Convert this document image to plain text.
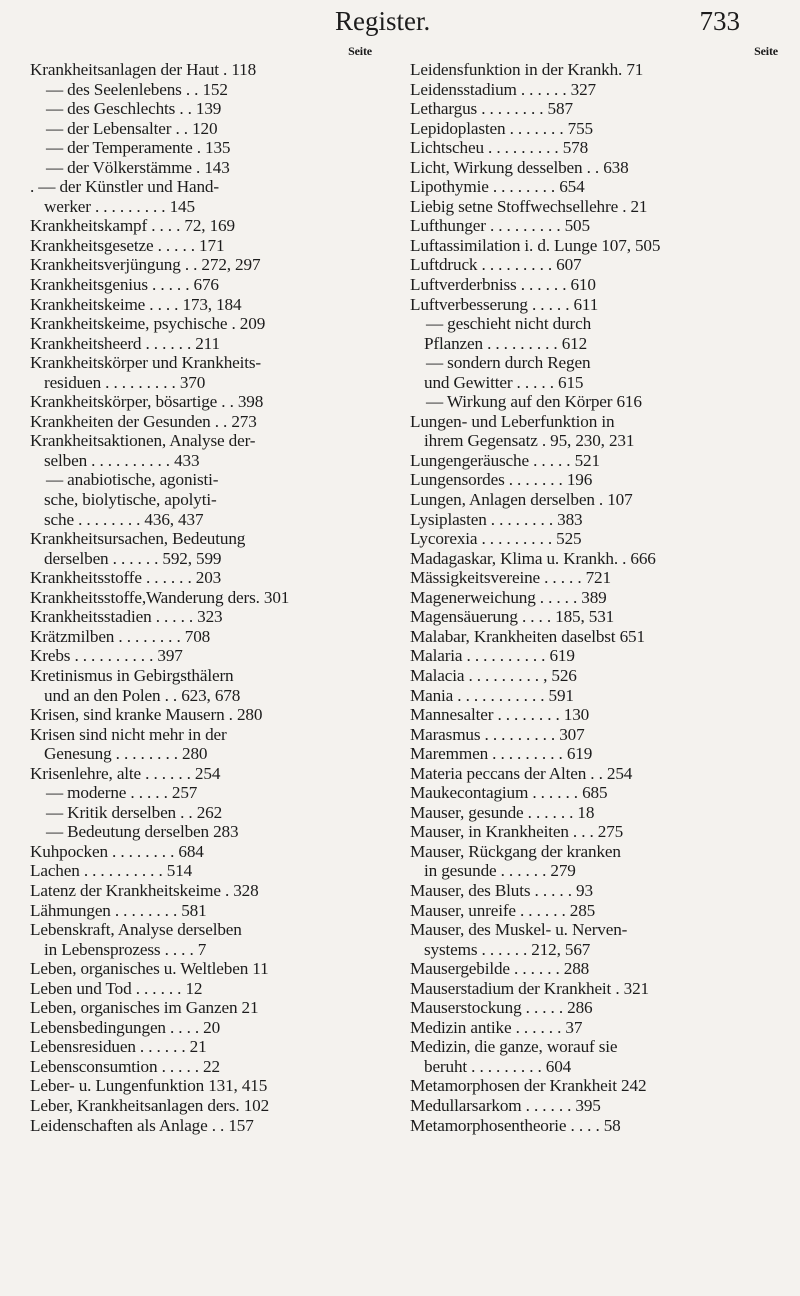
Register.	733
Seite
Krankheitsanlagen der Haut . 118
— des Seelenlebens . . 152
— des Geschlechts . . 139
— der Lebensalter . . 120
— der Temperamente . 135
— der Völkerstämme . 143
. — der Künstler und Hand-
werker . . . . . . . . . 145
Krankheitskampf . . . . 72, 169
Krankheitsgesetze . . . . . 171
Krankheitsverjüngung . . 272, 297
Krankheitsgenius . . . . . 676
Krankheitskeime . . . . 173, 184
Krankheitskeime, psychische . 209
Krankheitsheerd . . . . . . 211
Krankheitskörper und Krankheits-
residuen . . . . . . . . . 370
Krankheitskörper, bösartige . . 398
Krankheiten der Gesunden . . 273
Krankheitsaktionen, Analyse der-
selben . . . . . . . . . . 433
— anabiotische, agonisti-
sche, biolytische, apolyti-
sche . . . . . . . . 436, 437
Krankheitsursachen, Bedeutung
derselben . . . . . . 592, 599
Krankheitsstoffe . . . . . . 203
Krankheitsstoffe,Wanderung ders. 301
Krankheitsstadien . . . . . 323
Krätzmilben . . . . . . . . 708
Krebs . . . . . . . . . . 397
Kretinismus in Gebirgsthälern
und an den Polen . . 623, 678
Krisen, sind kranke Mausern . 280
Krisen sind nicht mehr in der
Genesung . . . . . . . . 280
Krisenlehre, alte . . . . . . 254
— moderne . . . . . 257
— Kritik derselben . . 262
— Bedeutung derselben 283
Kuhpocken . . . . . . . . 684
Lachen . . . . . . . . . . 514
Latenz der Krankheitskeime . 328
Lähmungen . . . . . . . . 581
Lebenskraft, Analyse derselben
in Lebensprozess . . . . 7
Leben, organisches u. Weltleben 11
Leben und Tod . . . . . . 12
Leben, organisches im Ganzen 21
Lebensbedingungen . . . . 20
Lebensresiduen . . . . . . 21
Lebensconsumtion . . . . . 22
Leber- u. Lungenfunktion 131, 415
Leber, Krankheitsanlagen ders. 102
Leidenschaften als Anlage . . 157
Seite
Leidensfunktion in der Krankh. 71
Leidensstadium . . . . . . 327
Lethargus . . . . . . . . 587
Lepidoplasten . . . . . . . 755
Lichtscheu . . . . . . . . . 578
Licht, Wirkung desselben . . 638
Lipothymie . . . . . . . . 654
Liebig setne Stoffwechsellehre . 21
Lufthunger . . . . . . . . . 505
Luftassimilation i. d. Lunge 107, 505
Luftdruck . . . . . . . . . 607
Luftverderbniss . . . . . . 610
Luftverbesserung . . . . . 611
— geschieht nicht durch
Pflanzen . . . . . . . . . 612
— sondern durch Regen
und Gewitter . . . . . 615
— Wirkung auf den Körper 616
Lungen- und Leberfunktion in
ihrem Gegensatz . 95, 230, 231
Lungengeräusche . . . . . 521
Lungensordes . . . . . . . 196
Lungen, Anlagen derselben . 107
Lysiplasten . . . . . . . . 383
Lycorexia . . . . . . . . . 525
Madagaskar, Klima u. Krankh. . 666
Mässigkeitsvereine . . . . . 721
Magenerweichung . . . . . 389
Magensäuerung . . . . 185, 531
Malabar, Krankheiten daselbst 651
Malaria . . . . . . . . . . 619
Malacia . . . . . . . . . , 526
Mania . . . . . . . . . . . 591
Mannesalter . . . . . . . . 130
Marasmus . . . . . . . . . 307
Maremmen . . . . . . . . . 619
Materia peccans der Alten . . 254
Maukecontagium . . . . . . 685
Mauser, gesunde . . . . . . 18
Mauser, in Krankheiten . . . 275
Mauser, Rückgang der kranken
in gesunde . . . . . . 279
Mauser, des Bluts . . . . . 93
Mauser, unreife . . . . . . 285
Mauser, des Muskel- u. Nerven-
systems . . . . . . 212, 567
Mausergebilde . . . . . . 288
Mauserstadium der Krankheit . 321
Mauserstockung . . . . . 286
Medizin antike . . . . . . 37
Medizin, die ganze, worauf sie
beruht . . . . . . . . . 604
Metamorphosen der Krankheit 242
Medullarsarkom . . . . . . 395
Metamorphosentheorie . . . . 58
